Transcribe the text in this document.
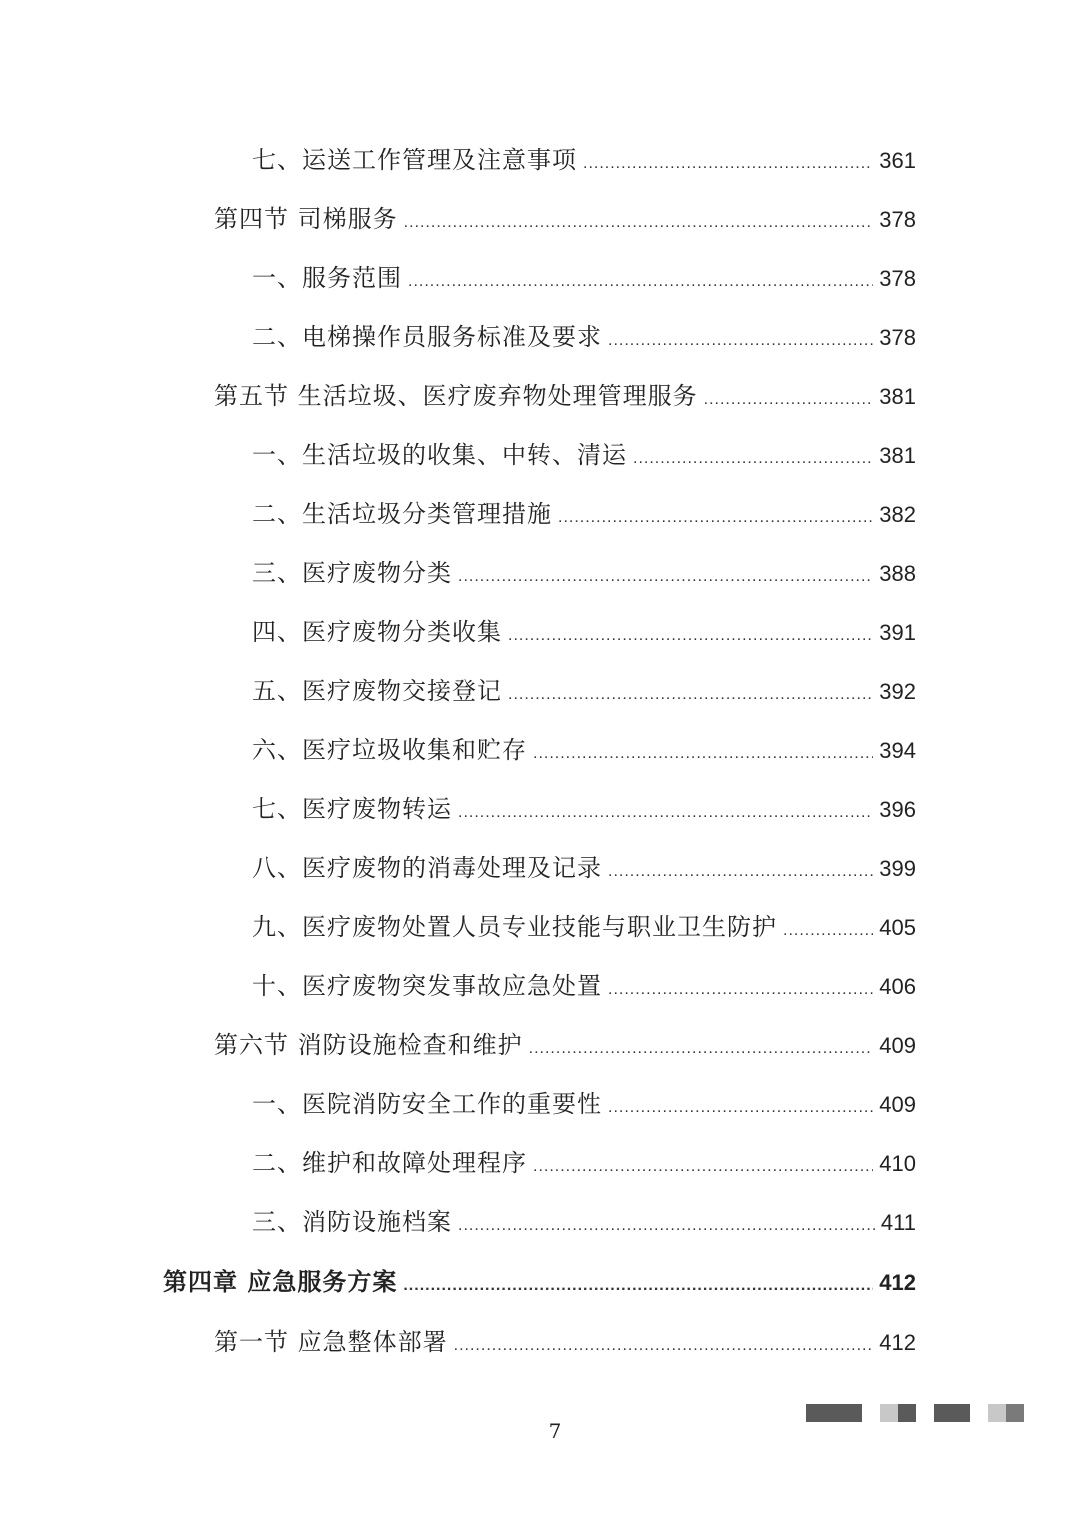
七、运送工作管理及注意事项 .....	361
第四节 司梯服务 .....	378
一、服务范围 .....	378
二、电梯操作员服务标准及要求 .....	378
第五节 生活垃圾、医疗废弃物处理管理服务 .....	381
一、生活垃圾的收集、中转、清运 .....	381
二、生活垃圾分类管理措施 .....	382
三、医疗废物分类 .....	388
四、医疗废物分类收集 .....	391
五、医疗废物交接登记 .....	392
六、医疗垃圾收集和贮存 .....	394
七、医疗废物转运 .....	396
八、医疗废物的消毒处理及记录 .....	399
九、医疗废物处置人员专业技能与职业卫生防护 .....	405
十、医疗废物突发事故应急处置 .....	406
第六节 消防设施检查和维护 .....	409
一、医院消防安全工作的重要性 .....	409
二、维护和故障处理程序 .....	410
三、消防设施档案 .....	411
第四章 应急服务方案 .....	412
第一节 应急整体部署 .....	412
7
